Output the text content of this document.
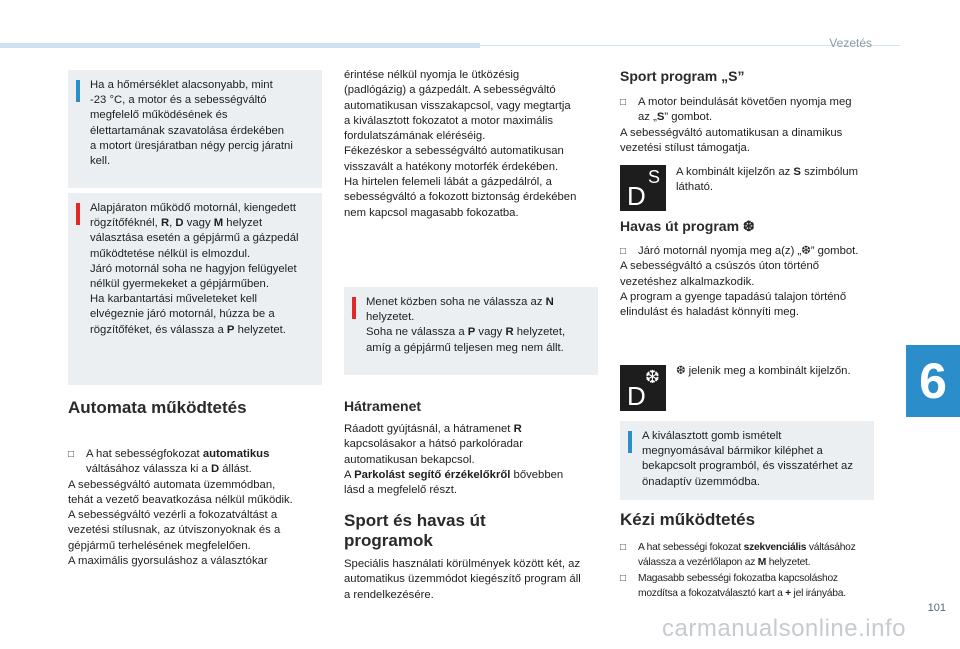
Vezetés
6
101
carmanualsonline.info
Ha a hőmérséklet alacsonyabb, mint
-23 °C, a motor és a sebességváltó
megfelelő működésének és
élettartamának szavatolása érdekében
a motort üresjáratban négy percig járatni
kell.
Alapjáraton működő motornál, kiengedett
rögzítőféknél, R, D vagy M helyzet
választása esetén a gépjármű a gázpedál
működtetése nélkül is elmozdul.
Járó motornál soha ne hagyjon felügyelet
nélkül gyermekeket a gépjárműben.
Ha karbantartási műveleteket kell
elvégeznie járó motornál, húzza be a
rögzítőféket, és válassza a P helyzetet.
Automata működtetés
□	A hat sebességfokozat automatikus
váltásához válassza ki a D állást.
A sebességváltó automata üzemmódban,
tehát a vezető beavatkozása nélkül működik.
A sebességváltó vezérli a fokozatváltást a
vezetési stílusnak, az útviszonyoknak és a
gépjármű terhelésének megfelelően.
A maximális gyorsuláshoz a választókar
érintése nélkül nyomja le ütközésig
(padlógázig) a gázpedált. A sebességváltó
automatikusan visszakapcsol, vagy megtartja
a kiválasztott fokozatot a motor maximális
fordulatszámának eléréséig.
Fékezéskor a sebességváltó automatikusan
visszavált a hatékony motorfék érdekében.
Ha hirtelen felemeli lábát a gázpedálról, a
sebességváltó a fokozott biztonság érdekében
nem kapcsol magasabb fokozatba.
Menet közben soha ne válassza az N
helyzetet.
Soha ne válassza a P vagy R helyzetet,
amíg a gépjármű teljesen meg nem állt.
Hátramenet
Ráadott gyújtásnál, a hátramenet R
kapcsolásakor a hátsó parkolóradar
automatikusan bekapcsol.
A Parkolást segítő érzékelőkről bővebben
lásd a megfelelő részt.
Sport és havas út
programok
Speciális használati körülmények között két, az
automatikus üzemmódot kiegészítő program áll
a rendelkezésére.
Sport program „S”
□	A motor beindulását követően nyomja meg
az „S” gombot.
A sebességváltó automatikusan a dinamikus
vezetési stílust támogatja.
D
S A kombinált kijelzőn az S szimbólum
látható.
Havas út program ❆
□	Járó motornál nyomja meg a(z) „❆” gombot.
A sebességváltó a csúszós úton történő
vezetéshez alkalmazkodik.
A program a gyenge tapadású talajon történő
elindulást és haladást könnyíti meg.
D
❆ ❆ jelenik meg a kombinált kijelzőn.
A kiválasztott gomb ismételt
megnyomásával bármikor kiléphet a
bekapcsolt programból, és visszatérhet az
önadaptív üzemmódba.
Kézi működtetés
□	A hat sebességi fokozat szekvenciális váltásához
válassza a vezérlőlapon az M helyzetet.
□	Magasabb sebességi fokozatba kapcsoláshoz
mozdítsa a fokozatválasztó kart a + jel irányába.
